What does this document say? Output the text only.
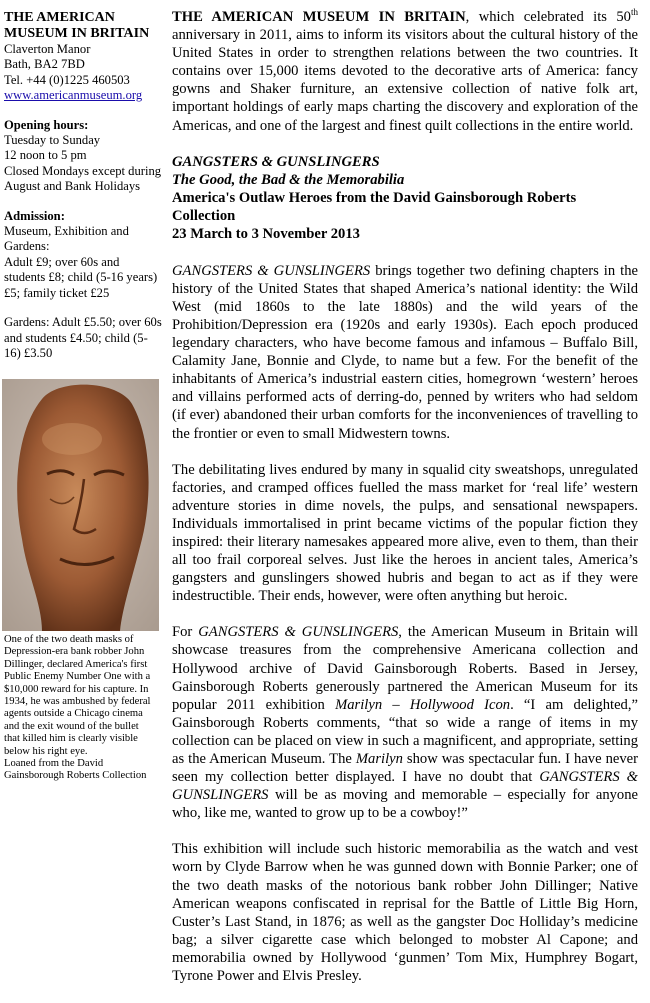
THE AMERICAN MUSEUM IN BRITAIN
Claverton Manor
Bath, BA2 7BD
Tel. +44 (0)1225 460503
www.americanmuseum.org
Opening hours:
Tuesday to Sunday
12 noon to 5 pm
Closed Mondays except during August and Bank Holidays
Admission:
Museum, Exhibition and Gardens:
Adult £9; over 60s and students £8; child (5-16 years) £5; family ticket £25
Gardens: Adult £5.50; over 60s and students £4.50; child (5-16) £3.50
One of the two death masks of Depression-era bank robber John Dillinger, declared America's first Public Enemy Number One with a $10,000 reward for his capture. In 1934, he was ambushed by federal agents outside a Chicago cinema and the exit wound of the bullet that killed him is clearly visible below his right eye.
Loaned from the David Gainsborough Roberts Collection

THE AMERICAN MUSEUM IN BRITAIN, which celebrated its 50th anniversary in 2011, aims to inform its visitors about the cultural history of the United States in order to strengthen relations between the two countries. It contains over 15,000 items devoted to the decorative arts of America: fancy gowns and Shaker furniture, an extensive collection of native folk art, important holdings of early maps charting the discovery and exploration of the Americas, and one of the largest and finest quilt collections in the entire world.

GANGSTERS & GUNSLINGERS
The Good, the Bad & the Memorabilia
America's Outlaw Heroes from the David Gainsborough Roberts Collection
23 March to 3 November 2013

GANGSTERS & GUNSLINGERS brings together two defining chapters in the history of the United States that shaped America’s national identity: the Wild West (mid 1860s to the late 1880s) and the wild years of the Prohibition/Depression era (1920s and early 1930s). Each epoch produced legendary characters, who have become famous and infamous – Buffalo Bill, Calamity Jane, Bonnie and Clyde, to name but a few. For the benefit of the inhabitants of America’s industrial eastern cities, homegrown ‘western’ heroes and villains performed acts of derring-do, penned by writers who had seldom (if ever) abandoned their urban comforts for the inconveniences of travelling to the frontier or even to small Midwestern towns.

The debilitating lives endured by many in squalid city sweatshops, unregulated factories, and cramped offices fuelled the mass market for ‘real life’ western adventure stories in dime novels, the pulps, and sensational newspapers. Individuals immortalised in print became victims of the popular fiction they inspired: their literary namesakes appeared more alive, even to them, than their all too frail corporeal selves. Just like the heroes in ancient tales, America’s gangsters and gunslingers showed hubris and began to act as if they were indestructible. Their ends, however, were often anything but heroic.

For GANGSTERS & GUNSLINGERS, the American Museum in Britain will showcase treasures from the comprehensive Americana collection and Hollywood archive of David Gainsborough Roberts. Based in Jersey, Gainsborough Roberts generously partnered the American Museum for its popular 2011 exhibition Marilyn – Hollywood Icon. “I am delighted,” Gainsborough Roberts comments, “that so wide a range of items in my collection can be placed on view in such a magnificent, and appropriate, setting as the American Museum. The Marilyn show was spectacular fun. I have never seen my collection better displayed. I have no doubt that GANGSTERS & GUNSLINGERS will be as moving and memorable – especially for anyone who, like me, wanted to grow up to be a cowboy!”

This exhibition will include such historic memorabilia as the watch and vest worn by Clyde Barrow when he was gunned down with Bonnie Parker; one of the two death masks of the notorious bank robber John Dillinger; Native American weapons confiscated in reprisal for the Battle of Little Big Horn, Custer’s Last Stand, in 1876; as well as the gangster Doc Holliday’s medicine bag; a silver cigarette case which belonged to mobster Al Capone; and memorabilia owned by Hollywood ‘gunmen’ Tom Mix, Humphrey Bogart, Tyrone Power and Elvis Presley.
